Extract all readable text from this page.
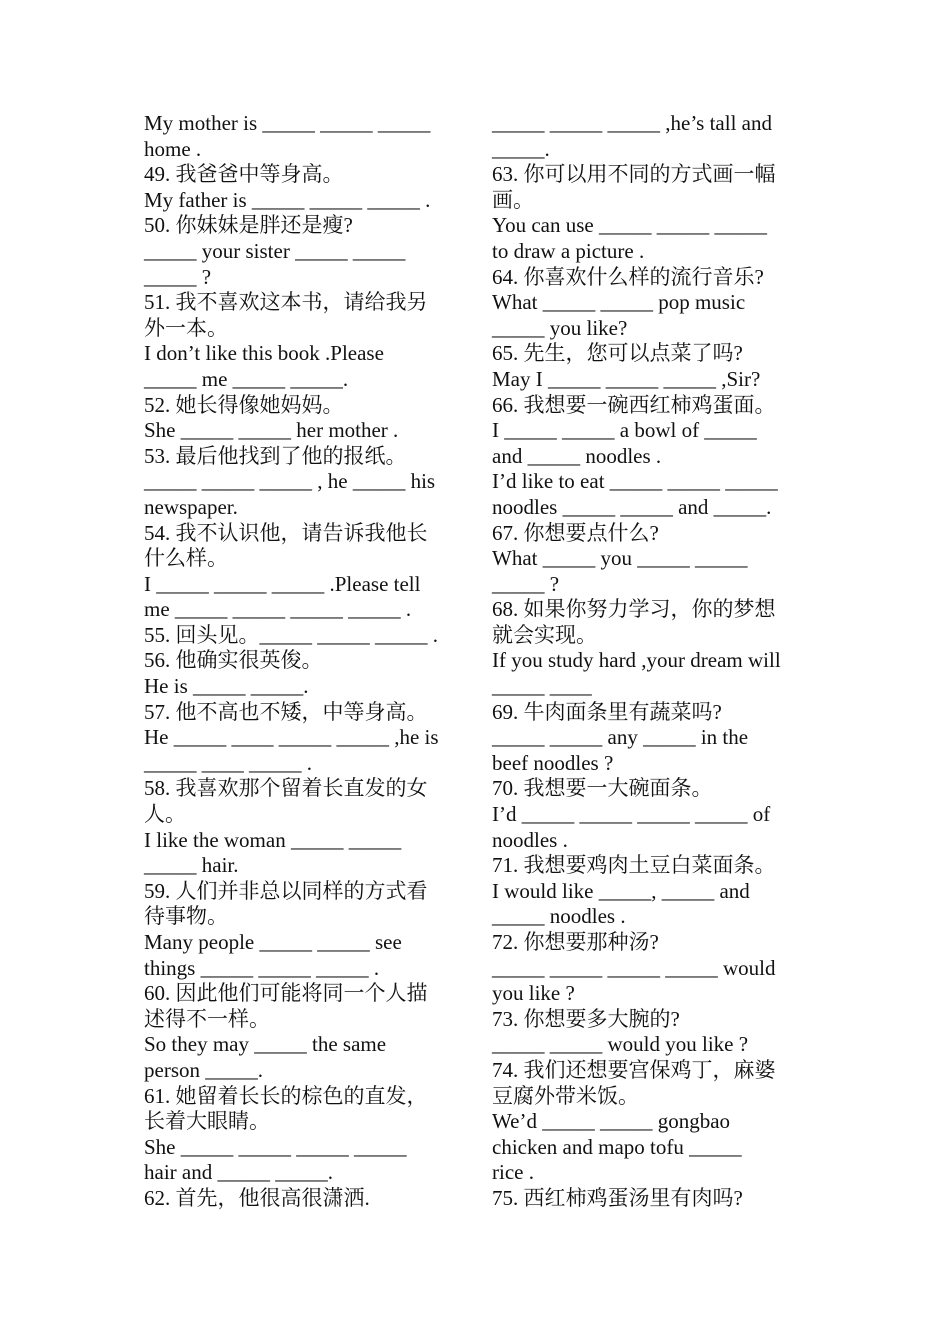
My mother is _____ _____ _____
home .
49. 我爸爸中等身高。
My father is _____ _____ _____ .
50. 你妹妹是胖还是瘦?
_____ your sister _____ _____
_____ ?
51. 我不喜欢这本书，请给我另
外一本。
I don’t like this book .Please
_____ me _____ _____.
52. 她长得像她妈妈。
She _____ _____ her mother .
53. 最后他找到了他的报纸。
_____ _____ _____ , he _____ his
newspaper.
54. 我不认识他，请告诉我他长
什么样。
I _____ _____ _____ .Please tell
me _____ _____ _____ _____ .
55. 回头见。_____ _____ _____ .
56. 他确实很英俊。
He is _____ _____.
57. 他不高也不矮，中等身高。
He _____ ____ _____ _____ ,he is
_____ ____ _____ .
58. 我喜欢那个留着长直发的女
人。
I like the woman _____ _____
_____ hair.
59. 人们并非总以同样的方式看
待事物。
Many people _____ _____ see
things _____ _____ _____ .
60. 因此他们可能将同一个人描
述得不一样。
So they may _____ the same
person _____.
61. 她留着长长的棕色的直发，
长着大眼睛。
She _____ _____ _____ _____
hair and _____ _____.
62. 首先，他很高很潇洒.
_____ _____ _____ ,he’s tall and
_____.
63. 你可以用不同的方式画一幅
画。
You can use _____ _____ _____
to draw a picture .
64. 你喜欢什么样的流行音乐?
What _____ _____ pop music
_____ you like?
65. 先生，您可以点菜了吗?
May I _____ _____ _____ ,Sir?
66. 我想要一碗西红柿鸡蛋面。
I _____ _____ a bowl of _____
and _____ noodles .
I’d like to eat _____ _____ _____
noodles _____ _____ and _____.
67. 你想要点什么?
What _____ you _____ _____
_____ ?
68. 如果你努力学习，你的梦想
就会实现。
If you study hard ,your dream will
_____ ____
69. 牛肉面条里有蔬菜吗?
_____ _____ any _____ in the
beef noodles ?
70. 我想要一大碗面条。
I’d _____ _____ _____ _____ of
noodles .
71. 我想要鸡肉土豆白菜面条。
I would like _____, _____ and
_____ noodles .
72. 你想要那种汤?
_____ _____ _____ _____ would
you like ?
73. 你想要多大腕的?
_____ _____ would you like ?
74. 我们还想要宫保鸡丁，麻婆
豆腐外带米饭。
We’d _____ _____ gongbao
chicken and mapo tofu _____
rice .
75. 西红柿鸡蛋汤里有肉吗?
